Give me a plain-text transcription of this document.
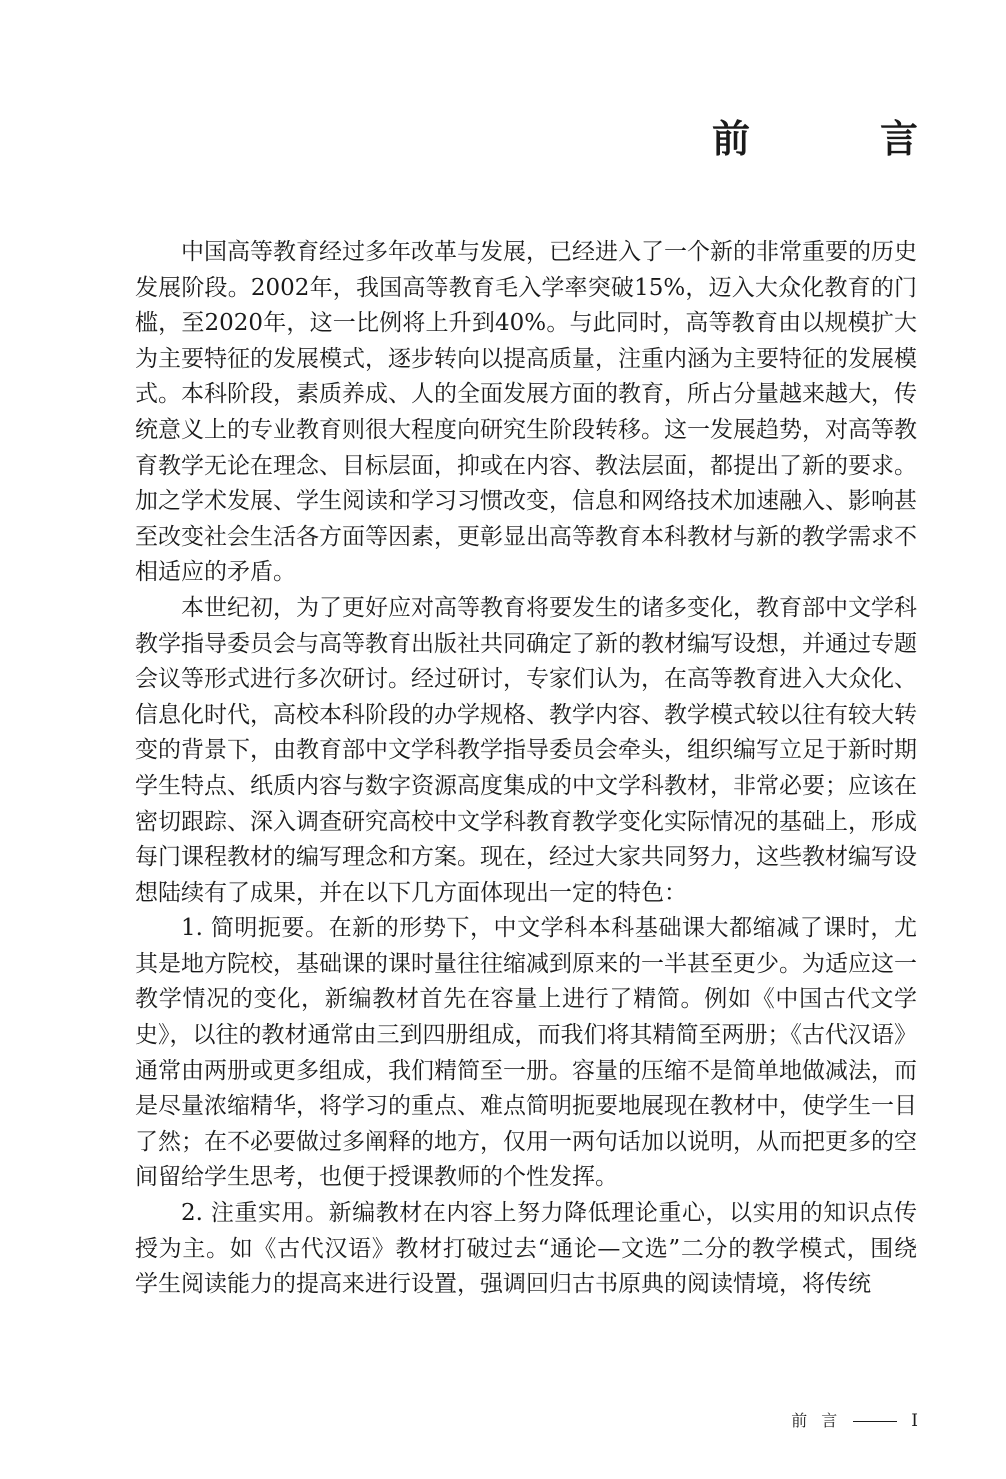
前　言

中国高等教育经过多年改革与发展，已经进入了一个新的非常重要的历史发展阶段。2002年，我国高等教育毛入学率突破15%，迈入大众化教育的门槛，至2020年，这一比例将上升到40%。与此同时，高等教育由以规模扩大为主要特征的发展模式，逐步转向以提高质量，注重内涵为主要特征的发展模式。本科阶段，素质养成、人的全面发展方面的教育，所占分量越来越大，传统意义上的专业教育则很大程度向研究生阶段转移。这一发展趋势，对高等教育教学无论在理念、目标层面，抑或在内容、教法层面，都提出了新的要求。加之学术发展、学生阅读和学习习惯改变，信息和网络技术加速融入、影响甚至改变社会生活各方面等因素，更彰显出高等教育本科教材与新的教学需求不相适应的矛盾。

本世纪初，为了更好应对高等教育将要发生的诸多变化，教育部中文学科教学指导委员会与高等教育出版社共同确定了新的教材编写设想，并通过专题会议等形式进行多次研讨。经过研讨，专家们认为，在高等教育进入大众化、信息化时代，高校本科阶段的办学规格、教学内容、教学模式较以往有较大转变的背景下，由教育部中文学科教学指导委员会牵头，组织编写立足于新时期学生特点、纸质内容与数字资源高度集成的中文学科教材，非常必要；应该在密切跟踪、深入调查研究高校中文学科教育教学变化实际情况的基础上，形成每门课程教材的编写理念和方案。现在，经过大家共同努力，这些教材编写设想陆续有了成果，并在以下几方面体现出一定的特色：

1. 简明扼要。在新的形势下，中文学科本科基础课大都缩减了课时，尤其是地方院校，基础课的课时量往往缩减到原来的一半甚至更少。为适应这一教学情况的变化，新编教材首先在容量上进行了精简。例如《中国古代文学史》，以往的教材通常由三到四册组成，而我们将其精简至两册；《古代汉语》通常由两册或更多组成，我们精简至一册。容量的压缩不是简单地做减法，而是尽量浓缩精华，将学习的重点、难点简明扼要地展现在教材中，使学生一目了然；在不必要做过多阐释的地方，仅用一两句话加以说明，从而把更多的空间留给学生思考，也便于授课教师的个性发挥。

2. 注重实用。新编教材在内容上努力降低理论重心，以实用的知识点传授为主。如《古代汉语》教材打破过去“通论—文选”二分的教学模式，围绕学生阅读能力的提高来进行设置，强调回归古书原典的阅读情境，将传统

前言	I
